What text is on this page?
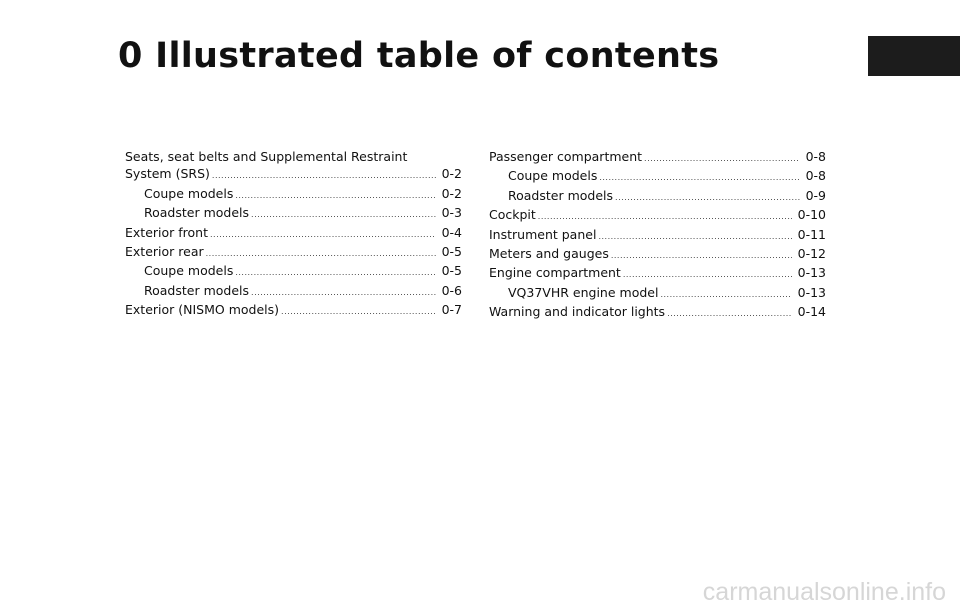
0 Illustrated table of contents
Seats, seat belts and Supplemental Restraint
System (SRS) .....	0-2
Coupe models .....	0-2
Roadster models .....	0-3
Exterior front .....	0-4
Exterior rear .....	0-5
Coupe models .....	0-5
Roadster models .....	0-6
Exterior (NISMO models) .....	0-7
Passenger compartment .....	0-8
Coupe models .....	0-8
Roadster models .....	0-9
Cockpit .....	0-10
Instrument panel .....	0-11
Meters and gauges .....	0-12
Engine compartment .....	0-13
VQ37VHR engine model .....	0-13
Warning and indicator lights .....	0-14
carmanualsonline.info
